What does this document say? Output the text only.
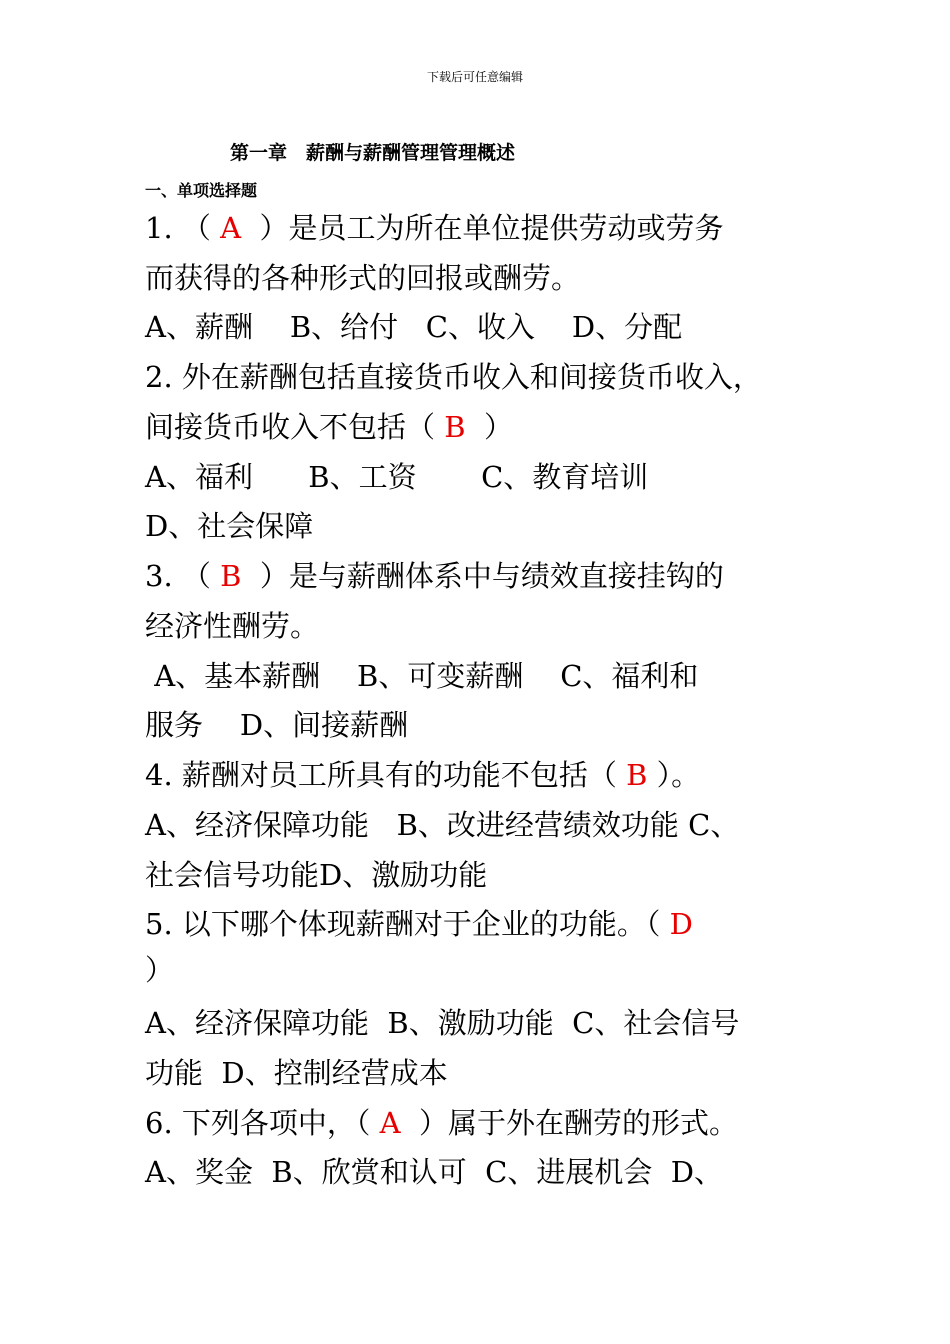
下载后可任意编辑
第一章　薪酬与薪酬管理管理概述
一、单项选择题
1. （ A  ）是员工为所在单位提供劳动或劳务
而获得的各种形式的回报或酬劳。
A、薪酬    B、给付   C、收入    D、分配
2. 外在薪酬包括直接货币收入和间接货币收入，
间接货币收入不包括（ B  ）
A、福利      B、工资       C、教育培训
D、社会保障
3. （ B  ）是与薪酬体系中与绩效直接挂钩的
经济性酬劳。
A、基本薪酬    B、可变薪酬    C、福利和
服务    D、间接薪酬
4. 薪酬对员工所具有的功能不包括（ B ）。
A、经济保障功能   B、改进经营绩效功能 C、
社会信号功能D、激励功能
5. 以下哪个体现薪酬对于企业的功能。（ D
）
A、经济保障功能  B、激励功能  C、社会信号
功能  D、控制经营成本
6. 下列各项中，（ A  ）属于外在酬劳的形式。
A、奖金  B、欣赏和认可  C、进展机会  D、
